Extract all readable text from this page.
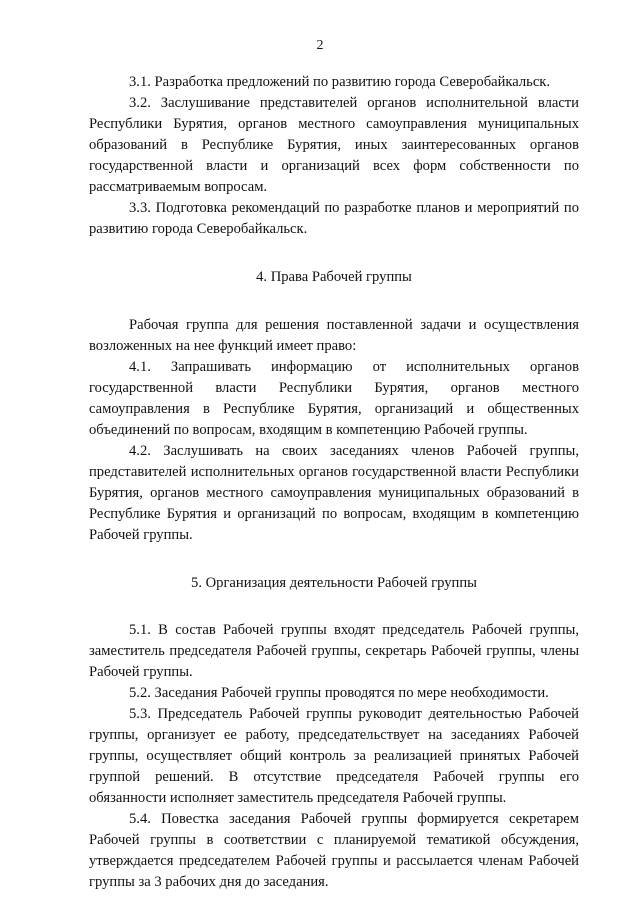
2

3.1. Разработка предложений по развитию города Северобайкальск.

3.2. Заслушивание представителей органов исполнительной власти Республики Бурятия, органов местного самоуправления муниципальных образований в Республике Бурятия, иных заинтересованных органов государственной власти и организаций всех форм собственности по рассматриваемым вопросам.

3.3. Подготовка рекомендаций по разработке планов и мероприятий по развитию города Северобайкальск.

4. Права Рабочей группы

Рабочая группа для решения поставленной задачи и осуществления возложенных на нее функций имеет право:

4.1. Запрашивать информацию от исполнительных органов государственной власти Республики Бурятия, органов местного самоуправления в Республике Бурятия, организаций и общественных объединений по вопросам, входящим в компетенцию Рабочей группы.

4.2. Заслушивать на своих заседаниях членов Рабочей группы, представителей исполнительных органов государственной власти Республики Бурятия, органов местного самоуправления муниципальных образований в Республике Бурятия и организаций по вопросам, входящим в компетенцию Рабочей группы.

5. Организация деятельности Рабочей группы

5.1. В состав Рабочей группы входят председатель Рабочей группы, заместитель председателя Рабочей группы, секретарь Рабочей группы, члены Рабочей группы.

5.2. Заседания Рабочей группы проводятся по мере необходимости.

5.3. Председатель Рабочей группы руководит деятельностью Рабочей группы, организует ее работу, председательствует на заседаниях Рабочей группы, осуществляет общий контроль за реализацией принятых Рабочей группой решений. В отсутствие председателя Рабочей группы его обязанности исполняет заместитель председателя Рабочей группы.

5.4. Повестка заседания Рабочей группы формируется секретарем Рабочей группы в соответствии с планируемой тематикой обсуждения, утверждается председателем Рабочей группы и рассылается членам Рабочей группы за 3 рабочих дня до заседания.
